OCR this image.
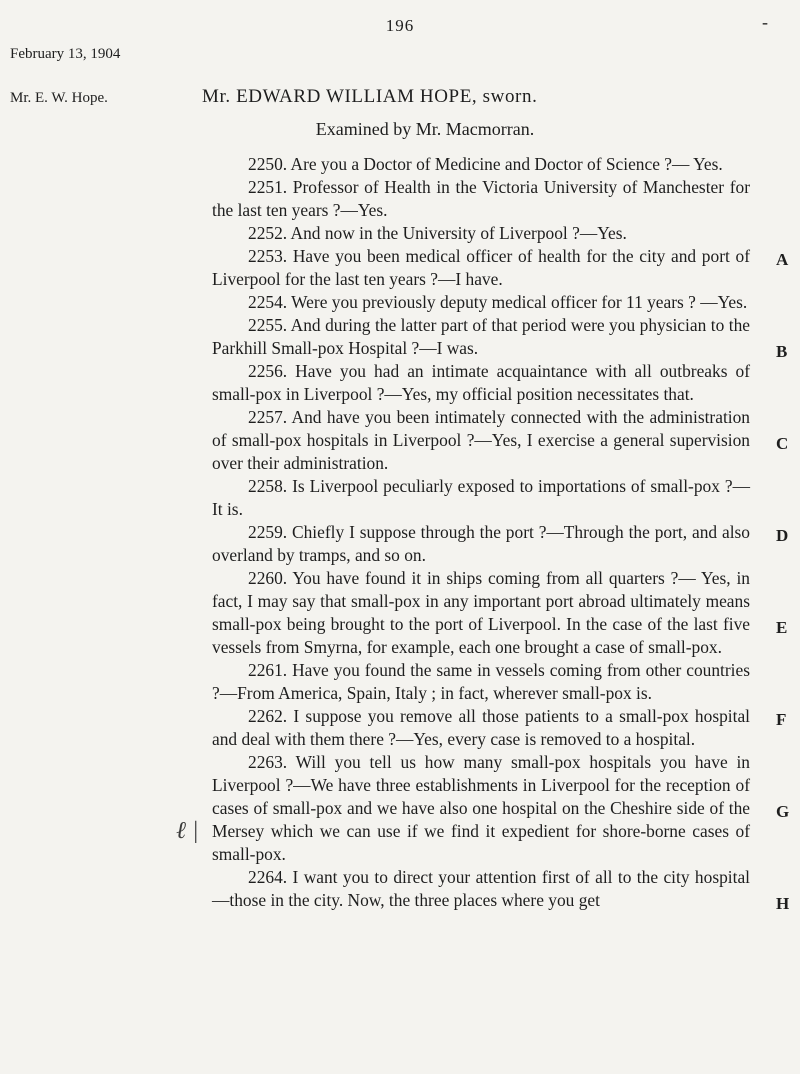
196	-
February 13, 1904
Mr. E. W. Hope.	Mr. EDWARD WILLIAM HOPE, sworn.
Examined by Mr. Macmorran.

2250. Are you a Doctor of Medicine and Doctor of Science ?— Yes.

2251. Professor of Health in the Victoria University of Manchester for the last ten years ?—Yes.

2252. And now in the University of Liverpool ?—Yes.

2253. Have you been medical officer of health for the city and port of Liverpool for the last ten years ?—I have.

2254. Were you previously deputy medical officer for 11 years ? —Yes.

2255. And during the latter part of that period were you physician to the Parkhill Small-pox Hospital ?—I was.

2256. Have you had an intimate acquaintance with all outbreaks of small-pox in Liverpool ?—Yes, my official position necessitates that.

2257. And have you been intimately connected with the administration of small-pox hospitals in Liverpool ?—Yes, I exercise a general supervision over their administration.

2258. Is Liverpool peculiarly exposed to importations of small-pox ?—It is.

2259. Chiefly I suppose through the port ?—Through the port, and also overland by tramps, and so on.

2260. You have found it in ships coming from all quarters ?— Yes, in fact, I may say that small-pox in any important port abroad ultimately means small-pox being brought to the port of Liverpool. In the case of the last five vessels from Smyrna, for example, each one brought a case of small-pox.

2261. Have you found the same in vessels coming from other countries ?—From America, Spain, Italy ; in fact, wherever small-pox is.

2262. I suppose you remove all those patients to a small-pox hospital and deal with them there ?—Yes, every case is removed to a hospital.

2263. Will you tell us how many small-pox hospitals you have in Liverpool ?—We have three establishments in Liverpool for the reception of cases of small-pox and we have also one hospital on the Cheshire side of the Mersey which we can use if we find it expedient for shore-borne cases of small-pox.

2264. I want you to direct your attention first of all to the city hospital—those in the city. Now, the three places where you get

A
B
C
D
E
F
G
H
ℓ |
